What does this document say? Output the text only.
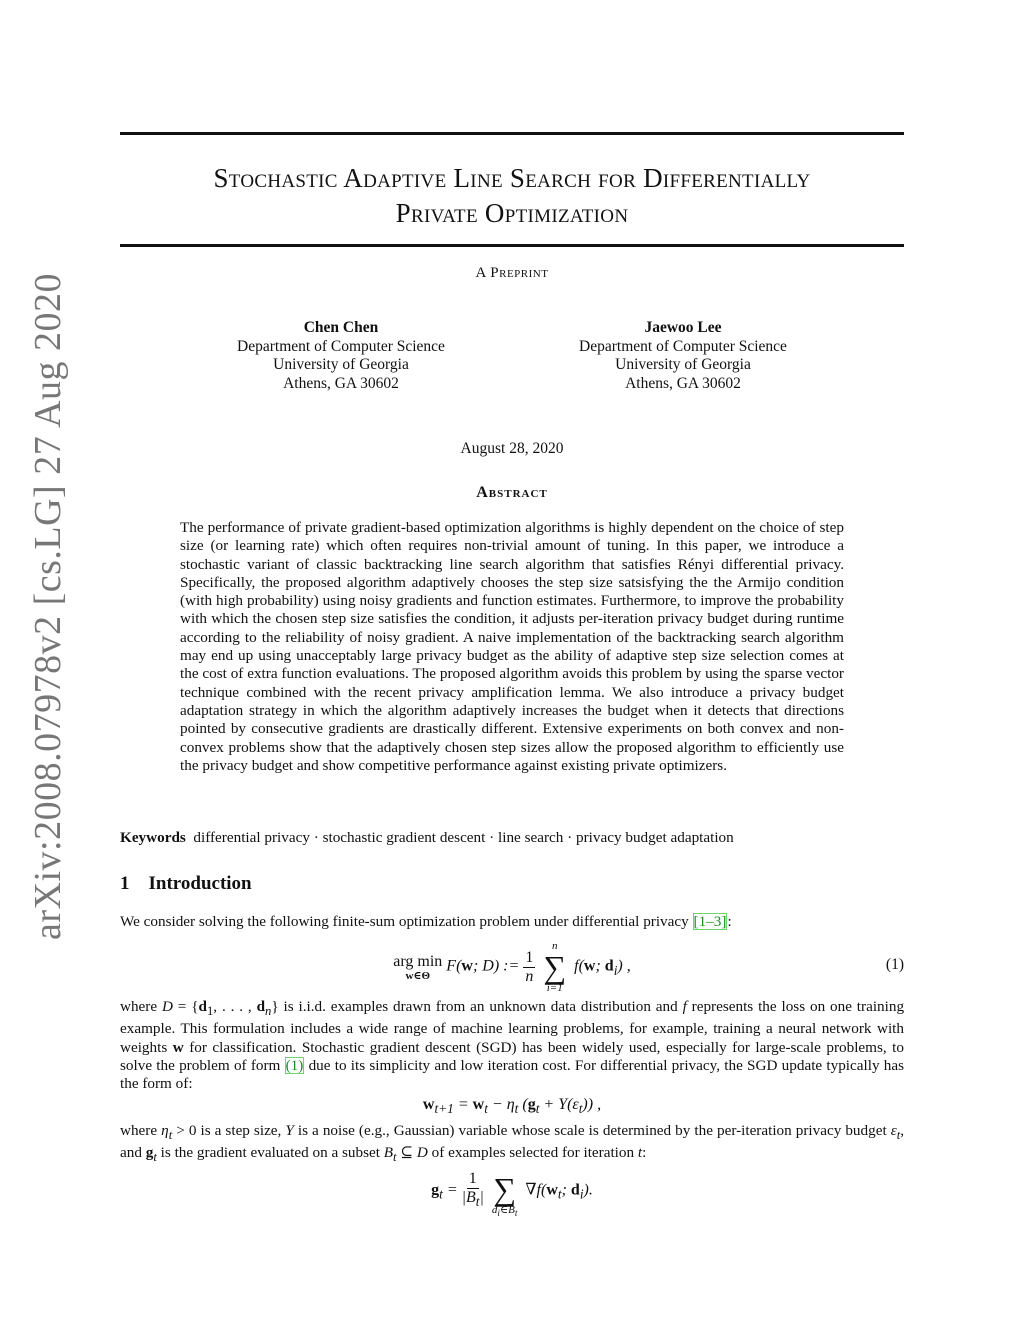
arXiv:2008.07978v2 [cs.LG] 27 Aug 2020
Stochastic Adaptive Line Search for Differentially
Private Optimization
A Preprint
Chen Chen
Department of Computer Science
University of Georgia
Athens, GA 30602
Jaewoo Lee
Department of Computer Science
University of Georgia
Athens, GA 30602
August 28, 2020
Abstract
The performance of private gradient-based optimization algorithms is highly dependent on the choice of step size (or learning rate) which often requires non-trivial amount of tuning. In this paper, we introduce a stochastic variant of classic backtracking line search algorithm that satisfies Rényi differential privacy. Specifically, the proposed algorithm adaptively chooses the step size satsisfying the the Armijo condition (with high probability) using noisy gradients and function estimates. Furthermore, to improve the probability with which the chosen step size satisfies the condition, it adjusts per-iteration privacy budget during runtime according to the reliability of noisy gradient. A naive implementation of the backtracking search algorithm may end up using unacceptably large privacy budget as the ability of adaptive step size selection comes at the cost of extra function evaluations. The proposed algorithm avoids this problem by using the sparse vector technique combined with the recent privacy amplification lemma. We also introduce a privacy budget adaptation strategy in which the algorithm adaptively increases the budget when it detects that directions pointed by consecutive gradients are drastically different. Extensive experiments on both convex and non-convex problems show that the adaptively chosen step sizes allow the proposed algorithm to efficiently use the privacy budget and show competitive performance against existing private optimizers.
Keywords differential privacy · stochastic gradient descent · line search · privacy budget adaptation
1 Introduction
We consider solving the following finite-sum optimization problem under differential privacy [1–3]:
arg min
w∈Θ
F(w; D) := $\frac{1}{n}$

n
∑
i=1
f(w; $d_i$) ,	(1)
where $D = \{d_1$, . . . , $d_n$} is i.i.d. examples drawn from an unknown data distribution and f represents the loss on one training example. This formulation includes a wide range of machine learning problems, for example, training a neural network with weights w for classification. Stochastic gradient descent (SGD) has been widely used, especially for large-scale problems, to solve the problem of form (1) due to its simplicity and low iteration cost. For differential privacy, the SGD update typically has the form of:
$w_{t+1} = w_t - \eta_t$ $(g_t + Y(\varepsilon_t))$ ,
where $\eta_t > 0$ is a step size, Y is a noise (e.g., Gaussian) variable whose scale is determined by the per-iteration privacy budget $\varepsilon_t$, and $g_t$ is the gradient evaluated on a subset $B_t$ ⊆ D of examples selected for iteration t:
$g_t = \frac{1}{|B_t|}$

∑
$d_i\in B_t$
$\nabla f(w_t$; $d_i$).
